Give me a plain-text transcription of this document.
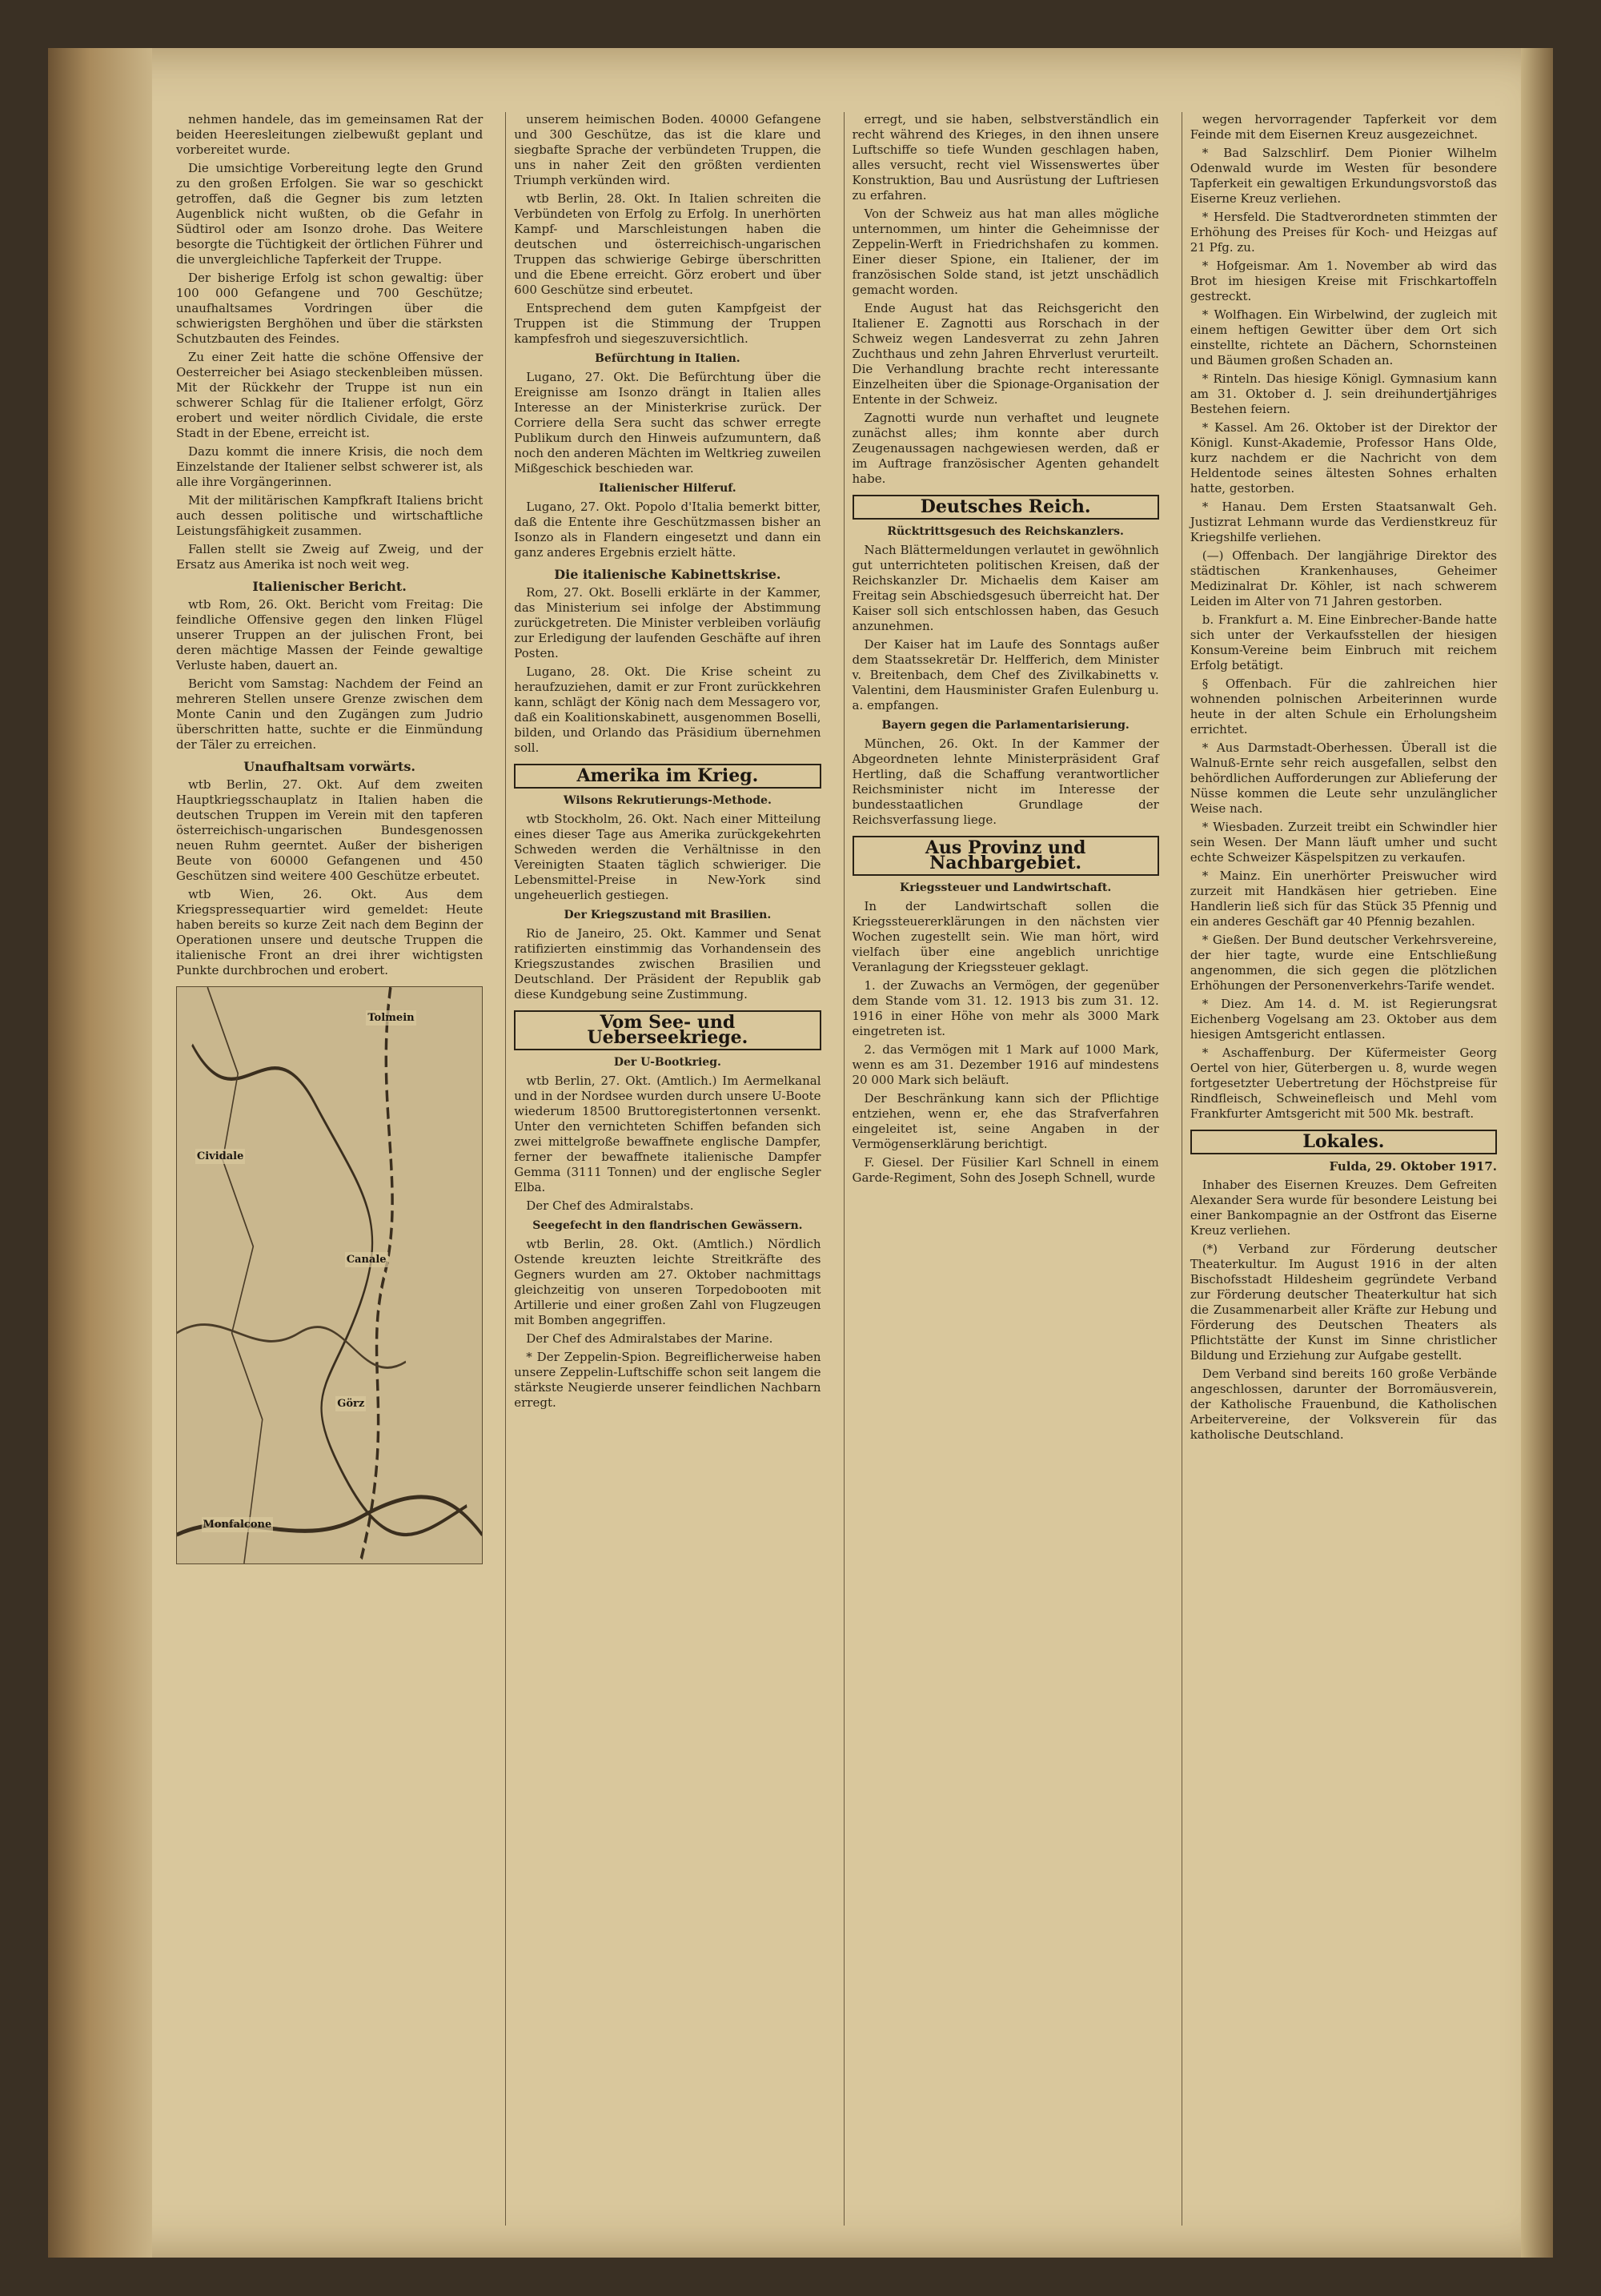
nehmen handele, das im gemeinsamen Rat der beiden Heeresleitungen zielbewußt geplant und vorbereitet wurde.

Die umsichtige Vorbereitung legte den Grund zu den großen Erfolgen. Sie war so geschickt getroffen, daß die Gegner bis zum letzten Augenblick nicht wußten, ob die Gefahr in Südtirol oder am Isonzo drohe. Das Weitere besorgte die Tüchtigkeit der örtlichen Führer und die unvergleichliche Tapferkeit der Truppe.

Der bisherige Erfolg ist schon gewaltig: über 100 000 Gefangene und 700 Geschütze; unaufhaltsames Vordringen über die schwierigsten Berghöhen und über die stärksten Schutzbauten des Feindes.

Zu einer Zeit hatte die schöne Offensive der Oesterreicher bei Asiago steckenbleiben müssen. Mit der Rückkehr der Truppe ist nun ein schwerer Schlag für die Italiener erfolgt, Görz erobert und weiter nördlich Cividale, die erste Stadt in der Ebene, erreicht ist.

Dazu kommt die innere Krisis, die noch dem Einzelstande der Italiener selbst schwerer ist, als alle ihre Vorgängerinnen.

Mit der militärischen Kampfkraft Italiens bricht auch dessen politische und wirtschaftliche Leistungsfähigkeit zusammen.

Fallen stellt sie Zweig auf Zweig, und der Ersatz aus Amerika ist noch weit weg.

Italienischer Bericht.

wtb Rom, 26. Okt. Bericht vom Freitag: Die feindliche Offensive gegen den linken Flügel unserer Truppen an der julischen Front, bei deren mächtige Massen der Feinde gewaltige Verluste haben, dauert an.

Bericht vom Samstag: Nachdem der Feind an mehreren Stellen unsere Grenze zwischen dem Monte Canin und den Zugängen zum Judrio überschritten hatte, suchte er die Einmündung der Täler zu erreichen.

Unaufhaltsam vorwärts.

wtb Berlin, 27. Okt. Auf dem zweiten Hauptkriegsschauplatz in Italien haben die deutschen Truppen im Verein mit den tapferen österreichisch-ungarischen Bundesgenossen neuen Ruhm geerntet. Außer der bisherigen Beute von 60000 Gefangenen und 450 Geschützen sind weitere 400 Geschütze erbeutet.

wtb Wien, 26. Okt. Aus dem Kriegspressequartier wird gemeldet: Heute haben bereits so kurze Zeit nach dem Beginn der Operationen unsere und deutsche Truppen die italienische Front an drei ihrer wichtigsten Punkte durchbrochen und erobert.

Tolmein
Cividale
Canale
Görz
Monfalcone

unserem heimischen Boden. 40000 Gefangene und 300 Geschütze, das ist die klare und siegbafte Sprache der verbündeten Truppen, die uns in naher Zeit den größten verdienten Triumph verkünden wird.

wtb Berlin, 28. Okt. In Italien schreiten die Verbündeten von Erfolg zu Erfolg. In unerhörten Kampf- und Marschleistungen haben die deutschen und österreichisch-ungarischen Truppen das schwierige Gebirge überschritten und die Ebene erreicht. Görz erobert und über 600 Geschütze sind erbeutet.

Entsprechend dem guten Kampfgeist der Truppen ist die Stimmung der Truppen kampfesfroh und siegeszuversichtlich.

Befürchtung in Italien.

Lugano, 27. Okt. Die Befürchtung über die Ereignisse am Isonzo drängt in Italien alles Interesse an der Ministerkrise zurück. Der Corriere della Sera sucht das schwer erregte Publikum durch den Hinweis aufzumuntern, daß noch den anderen Mächten im Weltkrieg zuweilen Mißgeschick beschieden war.

Italienischer Hilferuf.

Lugano, 27. Okt. Popolo d'Italia bemerkt bitter, daß die Entente ihre Geschützmassen bisher an Isonzo als in Flandern eingesetzt und dann ein ganz anderes Ergebnis erzielt hätte.

Die italienische Kabinettskrise.

Rom, 27. Okt. Boselli erklärte in der Kammer, das Ministerium sei infolge der Abstimmung zurückgetreten. Die Minister verbleiben vorläufig zur Erledigung der laufenden Geschäfte auf ihren Posten.

Lugano, 28. Okt. Die Krise scheint zu heraufzuziehen, damit er zur Front zurückkehren kann, schlägt der König nach dem Messagero vor, daß ein Koalitionskabinett, ausgenommen Boselli, bilden, und Orlando das Präsidium übernehmen soll.

Amerika im Krieg.
Wilsons Rekrutierungs-Methode.

wtb Stockholm, 26. Okt. Nach einer Mitteilung eines dieser Tage aus Amerika zurückgekehrten Schweden werden die Verhältnisse in den Vereinigten Staaten täglich schwieriger. Die Lebensmittel-Preise in New-York sind ungeheuerlich gestiegen.

Der Kriegszustand mit Brasilien.

Rio de Janeiro, 25. Okt. Kammer und Senat ratifizierten einstimmig das Vorhandensein des Kriegszustandes zwischen Brasilien und Deutschland. Der Präsident der Republik gab diese Kundgebung seine Zustimmung.

Vom See- und Ueberseekriege.
Der U-Bootkrieg.

wtb Berlin, 27. Okt. (Amtlich.) Im Aermelkanal und in der Nordsee wurden durch unsere U-Boote wiederum 18500 Bruttoregistertonnen versenkt. Unter den vernichteten Schiffen befanden sich zwei mittelgroße bewaffnete englische Dampfer, ferner der bewaffnete italienische Dampfer Gemma (3111 Tonnen) und der englische Segler Elba.

Der Chef des Admiralstabs.

Seegefecht in den flandrischen Gewässern.

wtb Berlin, 28. Okt. (Amtlich.) Nördlich Ostende kreuzten leichte Streitkräfte des Gegners wurden am 27. Oktober nachmittags gleichzeitig von unseren Torpedobooten mit Artillerie und einer großen Zahl von Flugzeugen mit Bomben angegriffen.

Der Chef des Admiralstabes der Marine.

* Der Zeppelin-Spion. Begreiflicherweise haben unsere Zeppelin-Luftschiffe schon seit langem die stärkste Neugierde unserer feindlichen Nachbarn erregt.

erregt, und sie haben, selbstverständlich ein recht während des Krieges, in den ihnen unsere Luftschiffe so tiefe Wunden geschlagen haben, alles versucht, recht viel Wissenswertes über Konstruktion, Bau und Ausrüstung der Luftriesen zu erfahren.

Von der Schweiz aus hat man alles mögliche unternommen, um hinter die Geheimnisse der Zeppelin-Werft in Friedrichshafen zu kommen. Einer dieser Spione, ein Italiener, der im französischen Solde stand, ist jetzt unschädlich gemacht worden.

Ende August hat das Reichsgericht den Italiener E. Zagnotti aus Rorschach in der Schweiz wegen Landesverrat zu zehn Jahren Zuchthaus und zehn Jahren Ehrverlust verurteilt. Die Verhandlung brachte recht interessante Einzelheiten über die Spionage-Organisation der Entente in der Schweiz.

Zagnotti wurde nun verhaftet und leugnete zunächst alles; ihm konnte aber durch Zeugenaussagen nachgewiesen werden, daß er im Auftrage französischer Agenten gehandelt habe.

Deutsches Reich.
Rücktrittsgesuch des Reichskanzlers.

Nach Blättermeldungen verlautet in gewöhnlich gut unterrichteten politischen Kreisen, daß der Reichskanzler Dr. Michaelis dem Kaiser am Freitag sein Abschiedsgesuch überreicht hat. Der Kaiser soll sich entschlossen haben, das Gesuch anzunehmen.

Der Kaiser hat im Laufe des Sonntags außer dem Staatssekretär Dr. Helfferich, dem Minister v. Breitenbach, dem Chef des Zivilkabinetts v. Valentini, dem Hausminister Grafen Eulenburg u. a. empfangen.

Bayern gegen die Parlamentarisierung.

München, 26. Okt. In der Kammer der Abgeordneten lehnte Ministerpräsident Graf Hertling, daß die Schaffung verantwortlicher Reichsminister nicht im Interesse der bundesstaatlichen Grundlage der Reichsverfassung liege.

Aus Provinz und Nachbargebiet.
Kriegssteuer und Landwirtschaft.

In der Landwirtschaft sollen die Kriegssteuererklärungen in den nächsten vier Wochen zugestellt sein. Wie man hört, wird vielfach über eine angeblich unrichtige Veranlagung der Kriegssteuer geklagt.

1. der Zuwachs an Vermögen, der gegenüber dem Stande vom 31. 12. 1913 bis zum 31. 12. 1916 in einer Höhe von mehr als 3000 Mark eingetreten ist.

2. das Vermögen mit 1 Mark auf 1000 Mark, wenn es am 31. Dezember 1916 auf mindestens 20 000 Mark sich beläuft.

Der Beschränkung kann sich der Pflichtige entziehen, wenn er, ehe das Strafverfahren eingeleitet ist, seine Angaben in der Vermögenserklärung berichtigt.

F. Giesel. Der Füsilier Karl Schnell in einem Garde-Regiment, Sohn des Joseph Schnell, wurde

wegen hervorragender Tapferkeit vor dem Feinde mit dem Eisernen Kreuz ausgezeichnet.

* Bad Salzschlirf. Dem Pionier Wilhelm Odenwald wurde im Westen für besondere Tapferkeit ein gewaltigen Erkundungsvorstoß das Eiserne Kreuz verliehen.

* Hersfeld. Die Stadtverordneten stimmten der Erhöhung des Preises für Koch- und Heizgas auf 21 Pfg. zu.

* Hofgeismar. Am 1. November ab wird das Brot im hiesigen Kreise mit Frischkartoffeln gestreckt.

* Wolfhagen. Ein Wirbelwind, der zugleich mit einem heftigen Gewitter über dem Ort sich einstellte, richtete an Dächern, Schornsteinen und Bäumen großen Schaden an.

* Rinteln. Das hiesige Königl. Gymnasium kann am 31. Oktober d. J. sein dreihundertjähriges Bestehen feiern.

* Kassel. Am 26. Oktober ist der Direktor der Königl. Kunst-Akademie, Professor Hans Olde, kurz nachdem er die Nachricht von dem Heldentode seines ältesten Sohnes erhalten hatte, gestorben.

* Hanau. Dem Ersten Staatsanwalt Geh. Justizrat Lehmann wurde das Verdienstkreuz für Kriegshilfe verliehen.

(—) Offenbach. Der langjährige Direktor des städtischen Krankenhauses, Geheimer Medizinalrat Dr. Köhler, ist nach schwerem Leiden im Alter von 71 Jahren gestorben.

b. Frankfurt a. M. Eine Einbrecher-Bande hatte sich unter der Verkaufsstellen der hiesigen Konsum-Vereine beim Einbruch mit reichem Erfolg betätigt.

§ Offenbach. Für die zahlreichen hier wohnenden polnischen Arbeiterinnen wurde heute in der alten Schule ein Erholungsheim errichtet.

* Aus Darmstadt-Oberhessen. Überall ist die Walnuß-Ernte sehr reich ausgefallen, selbst den behördlichen Aufforderungen zur Ablieferung der Nüsse kommen die Leute sehr unzulänglicher Weise nach.

* Wiesbaden. Zurzeit treibt ein Schwindler hier sein Wesen. Der Mann läuft umher und sucht echte Schweizer Käspelspitzen zu verkaufen.

* Mainz. Ein unerhörter Preiswucher wird zurzeit mit Handkäsen hier getrieben. Eine Handlerin ließ sich für das Stück 35 Pfennig und ein anderes Geschäft gar 40 Pfennig bezahlen.

* Gießen. Der Bund deutscher Verkehrsvereine, der hier tagte, wurde eine Entschließung angenommen, die sich gegen die plötzlichen Erhöhungen der Personenverkehrs-Tarife wendet.

* Diez. Am 14. d. M. ist Regierungsrat Eichenberg Vogelsang am 23. Oktober aus dem hiesigen Amtsgericht entlassen.

* Aschaffenburg. Der Küfermeister Georg Oertel von hier, Güterbergen u. 8, wurde wegen fortgesetzter Uebertretung der Höchstpreise für Rindfleisch, Schweinefleisch und Mehl vom Frankfurter Amtsgericht mit 500 Mk. bestraft.

Lokales.
Fulda, 29. Oktober 1917.

Inhaber des Eisernen Kreuzes. Dem Gefreiten Alexander Sera wurde für besondere Leistung bei einer Bankompagnie an der Ostfront das Eiserne Kreuz verliehen.

(*) Verband zur Förderung deutscher Theaterkultur. Im August 1916 in der alten Bischofsstadt Hildesheim gegründete Verband zur Förderung deutscher Theaterkultur hat sich die Zusammenarbeit aller Kräfte zur Hebung und Förderung des Deutschen Theaters als Pflichtstätte der Kunst im Sinne christlicher Bildung und Erziehung zur Aufgabe gestellt.

Dem Verband sind bereits 160 große Verbände angeschlossen, darunter der Borromäusverein, der Katholische Frauenbund, die Katholischen Arbeitervereine, der Volksverein für das katholische Deutschland.
